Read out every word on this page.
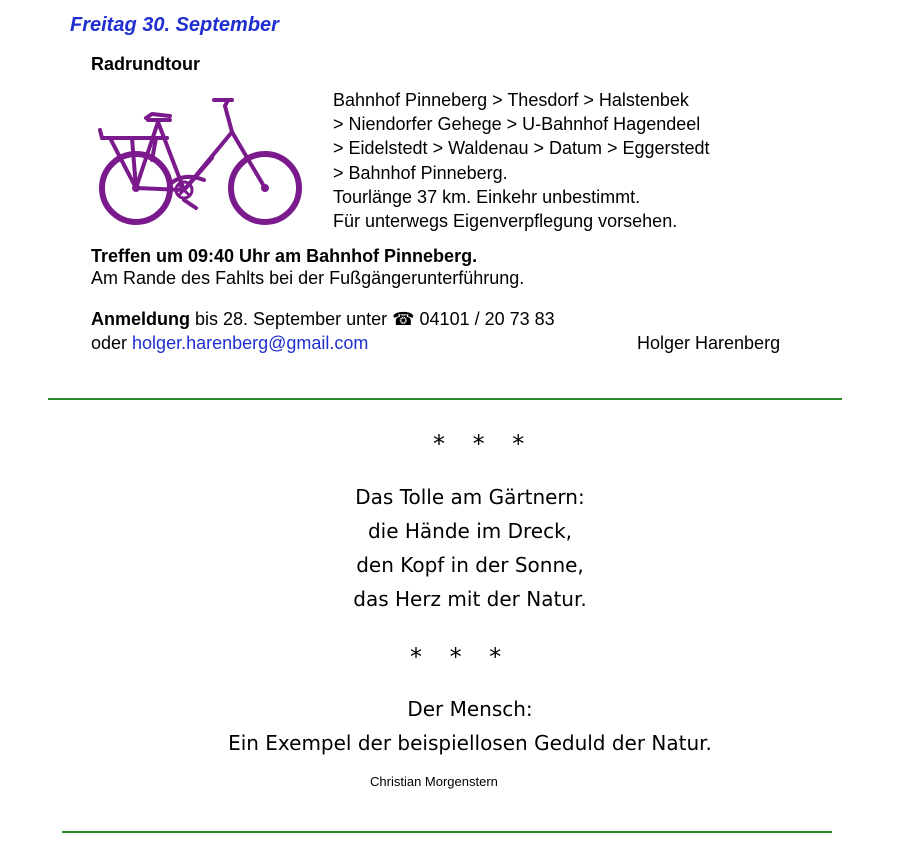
Freitag 30. September
Radrundtour
Bahnhof Pinneberg > Thesdorf > Halstenbek
> Niendorfer Gehege > U-Bahnhof Hagendeel
> Eidelstedt > Waldenau > Datum > Eggerstedt
> Bahnhof Pinneberg.
Tourlänge 37 km. Einkehr unbestimmt.
Für unterwegs Eigenverpflegung vorsehen.
Treffen um 09:40 Uhr am Bahnhof Pinneberg.
Am Rande des Fahlts bei der Fußgängerunterführung.
Anmeldung bis 28. September unter ☎ 04101 / 20 73 83
oder holger.harenberg@gmail.com	Holger Harenberg
* * *
Das Tolle am Gärtnern:
die Hände im Dreck,
den Kopf in der Sonne,
das Herz mit der Natur.
* * *
Der Mensch:
Ein Exempel der beispiellosen Geduld der Natur.
Christian Morgenstern
